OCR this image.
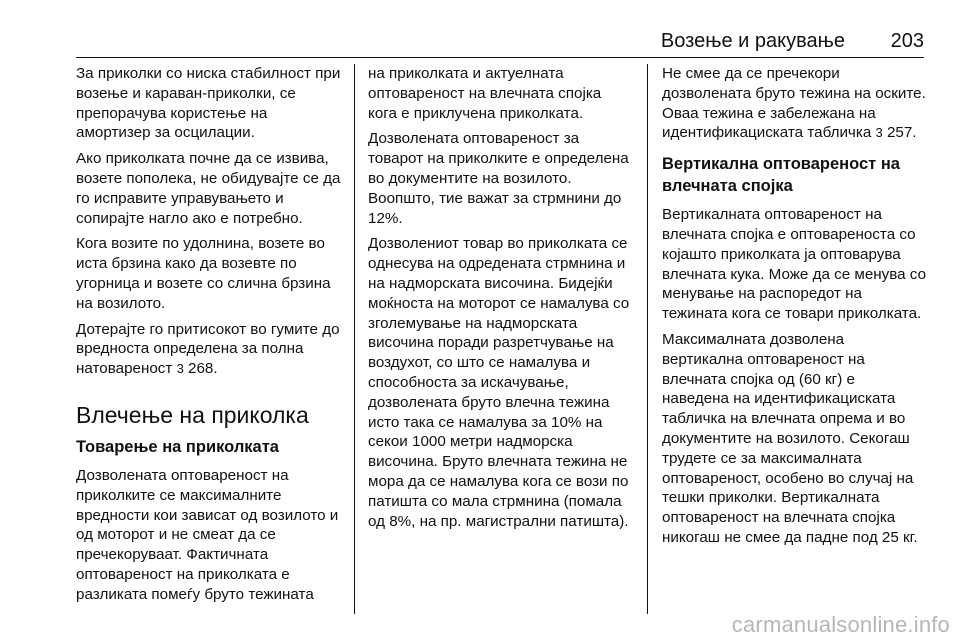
Возење и ракување 203

За приколки со ниска стабилност при возење и караван-приколки, се препорачува користење на амортизер за осцилации.

Ако приколката почне да се извива, возете пополека, не обидувајте се да го исправите управувањето и сопирајте нагло ако е потребно.

Кога возите по удолнина, возете во иста брзина како да возевте по угорница и возете со слична брзина на возилото.

Дотерајте го притисокот во гумите до вредноста определена за полна натовареност 3 268.

Влечење на приколка
Товарење на приколката

Дозволената оптовареност на приколките се максималните вредности кои зависат од возилото и од моторот и не смеат да се пречекоруваат. Фактичната оптовареност на приколката е разликата помеѓу бруто тежината

на приколката и актуелната оптовареност на влечната спојка кога е приклучена приколката.

Дозволената оптовареност за товарот на приколките е определена во документите на возилото. Воопшто, тие важат за стрмнини до 12%.

Дозволениот товар во приколката се однесува на одредената стрмнина и на надморската височина. Бидејќи моќноста на моторот се намалува со зголемување на надморската височина поради разретчување на воздухот, со што се намалува и способноста за искачување, дозволената бруто влечна тежина исто така се намалува за 10% на секои 1000 метри надморска височина. Бруто влечната тежина не мора да се намалува кога се вози по патишта со мала стрмнина (помала од 8%, на пр. магистрални патишта).

Не смее да се пречекори дозволената бруто тежина на оските. Оваа тежина е забележана на идентификациската табличка 3 257.

Вертикална оптовареност на влечната спојка

Вертикалната оптовареност на влечната спојка е оптовареноста со којашто приколката ја оптоварува влечната кука. Може да се менува со менување на распоредот на тежината кога се товари приколката.

Максималната дозволена вертикална оптовареност на влечната спојка од (60 кг) е наведена на идентификациската табличка на влечната опрема и во документите на возилото. Секогаш трудете се за максималната оптовареност, особено во случај на тешки приколки. Вертикалната оптовареност на влечната спојка никогаш не смее да падне под 25 кг.

carmanualsonline.info
